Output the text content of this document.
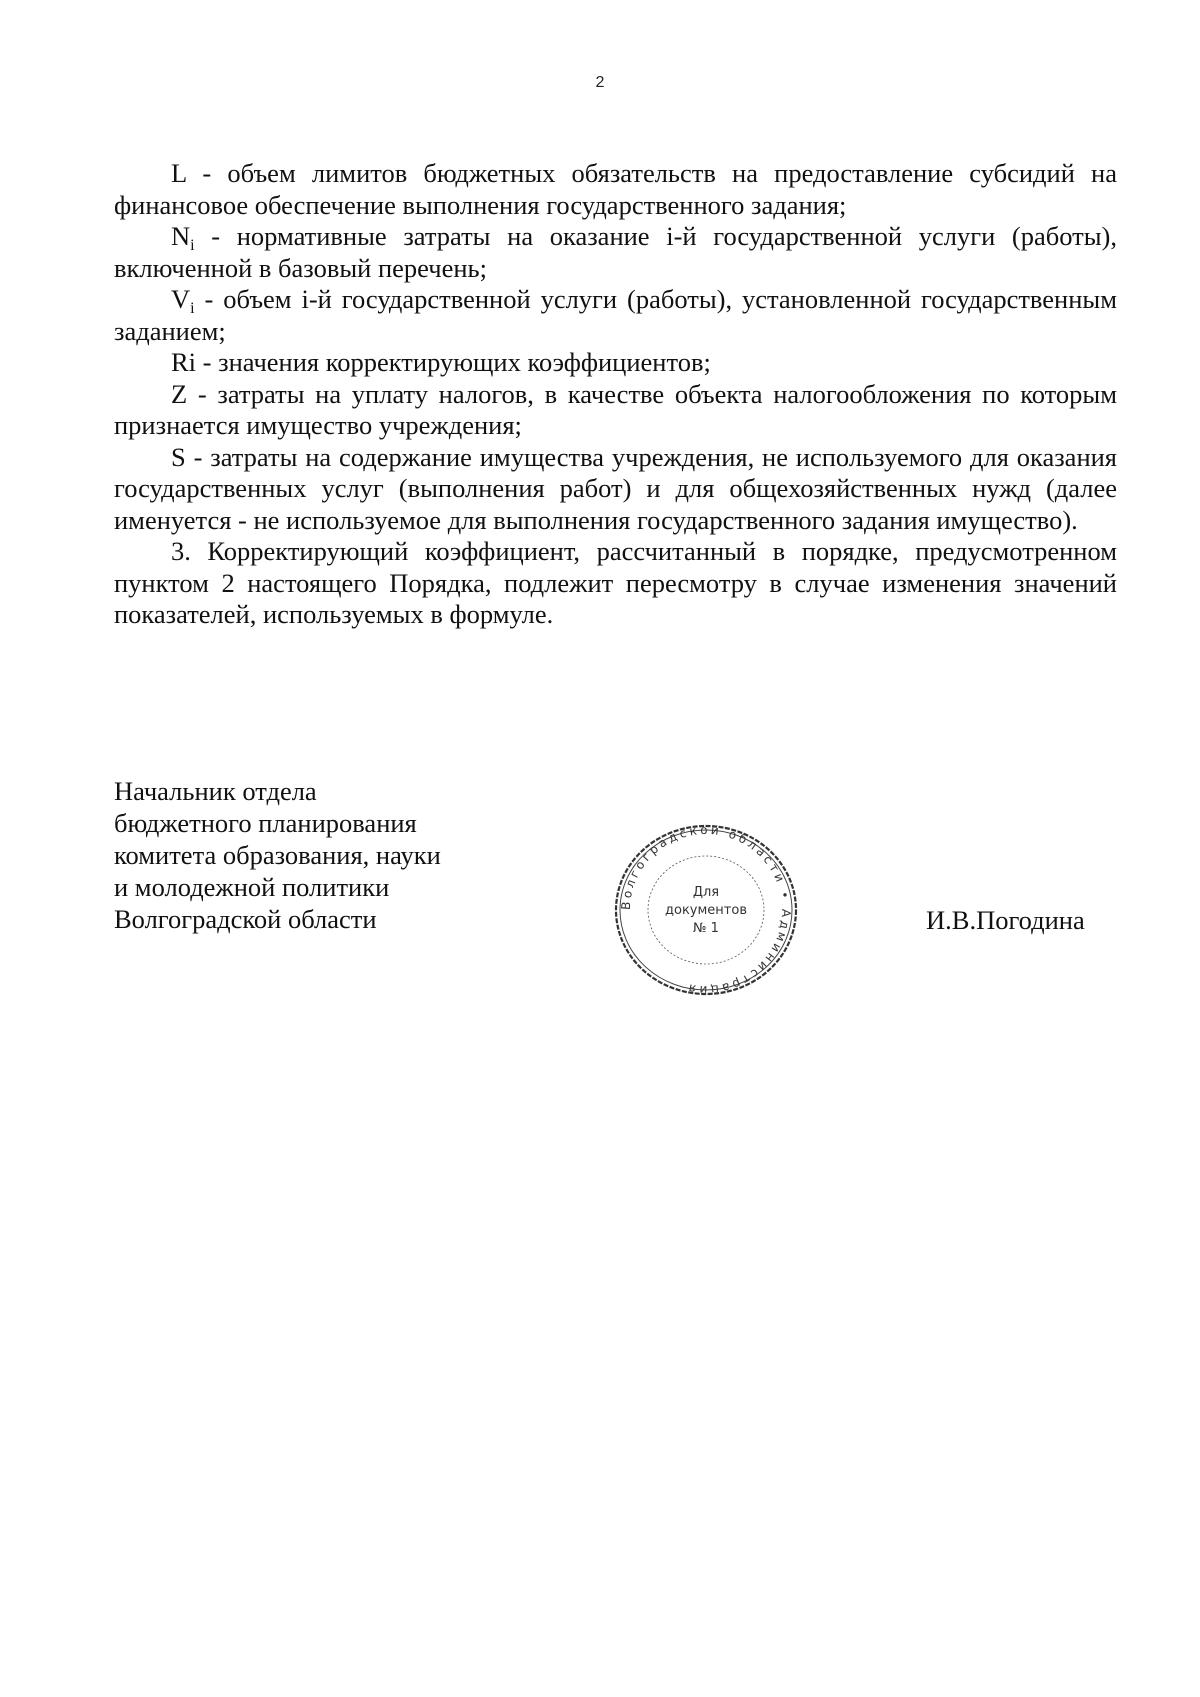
2

L - объем лимитов бюджетных обязательств на предоставление субсидий на финансовое обеспечение выполнения государственного задания;

$N_i$ - нормативные затраты на оказание i-й государственной услуги (работы), включенной в базовый перечень;

$V_i$ - объем i-й государственной услуги (работы), установленной государственным заданием;

Ri - значения корректирующих коэффициентов;

Z - затраты на уплату налогов, в качестве объекта налогообложения по которым признается имущество учреждения;

S - затраты на содержание имущества учреждения, не используемого для оказания государственных услуг (выполнения работ) и для общехозяйственных нужд (далее именуется - не используемое для выполнения государственного задания имущество).

3. Корректирующий коэффициент, рассчитанный в порядке, предусмотренном пунктом 2 настоящего Порядка, подлежит пересмотру в случае изменения значений показателей, используемых в формуле.

Начальник отдела
бюджетного планирования
комитета образования, науки
и молодежной политики
Волгоградской области	Волгоградской области • Администрация
Для
документов
№ 1	И.В.Погодина
